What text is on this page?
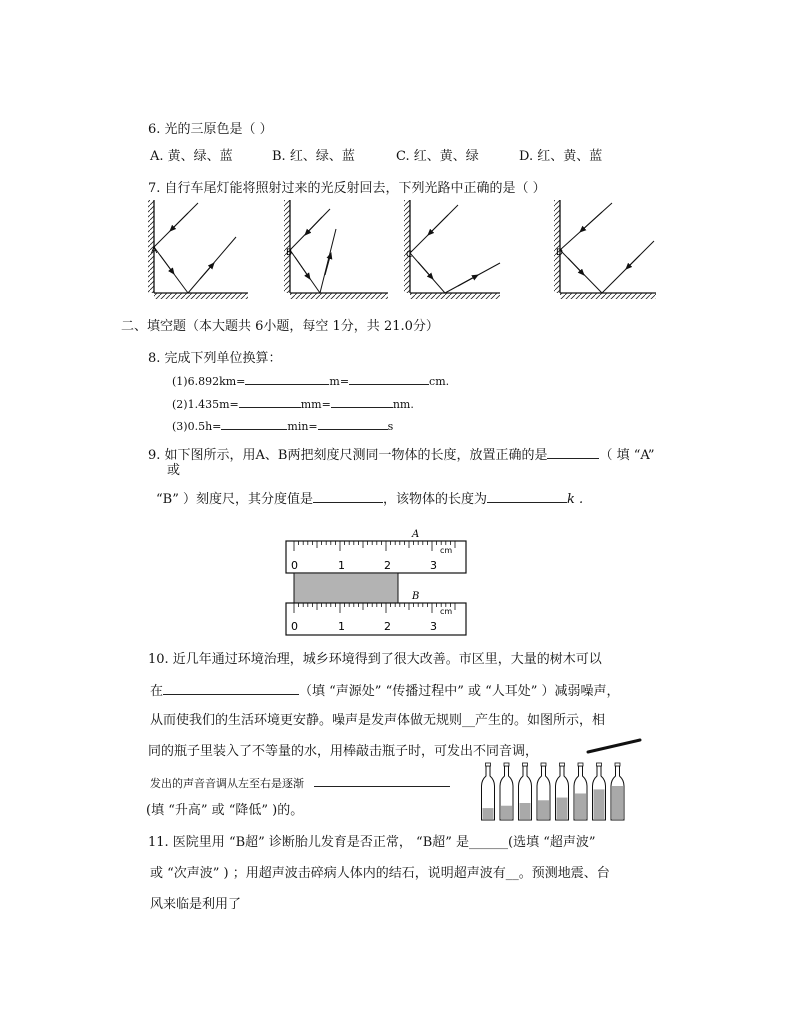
6. 光的三原色是（ ）
A. 黄、绿、蓝	B. 红、绿、蓝	C. 红、黄、绿	D. 红、黄、蓝
7. 自行车尾灯能将照射过来的光反射回去，下列光路中正确的是（ ）
A	B	C	D
二、填空题（本大题共 6小题，每空 1分，共 21.0分）
8. 完成下列单位换算：
(1)6.892km=	m=	cm.
(2)1.435m=	mm=	nm.
(3)0.5h=	min=	s
9. 如下图所示，用A、B两把刻度尺测同一物体的长度，放置正确的是	（ 填 “A”
或
“B” ）刻度尺，其分度值是	，该物体的长度为	k .
A
cm
0	1	2	3
B
cm
0	1	2	3
10. 近几年通过环境治理，城乡环境得到了很大改善。市区里，大量的树木可以
在	（填 “声源处” “传播过程中” 或 “人耳处” ）减弱噪声，
从而使我们的生活环境更安静。噪声是发声体做无规则__产生的。如图所示，相
同的瓶子里装入了不等量的水，用棒敲击瓶子时，可发出不同音调，
发出的声音音调从左至右是逐渐
(填 “升高” 或 “降低” )的。
11. 医院里用 “B超” 诊断胎儿发育是否正常， “B超” 是______(选填 “超声波”
或 “次声波” ) ；用超声波击碎病人体内的结石，说明超声波有__。预测地震、台
风来临是利用了
